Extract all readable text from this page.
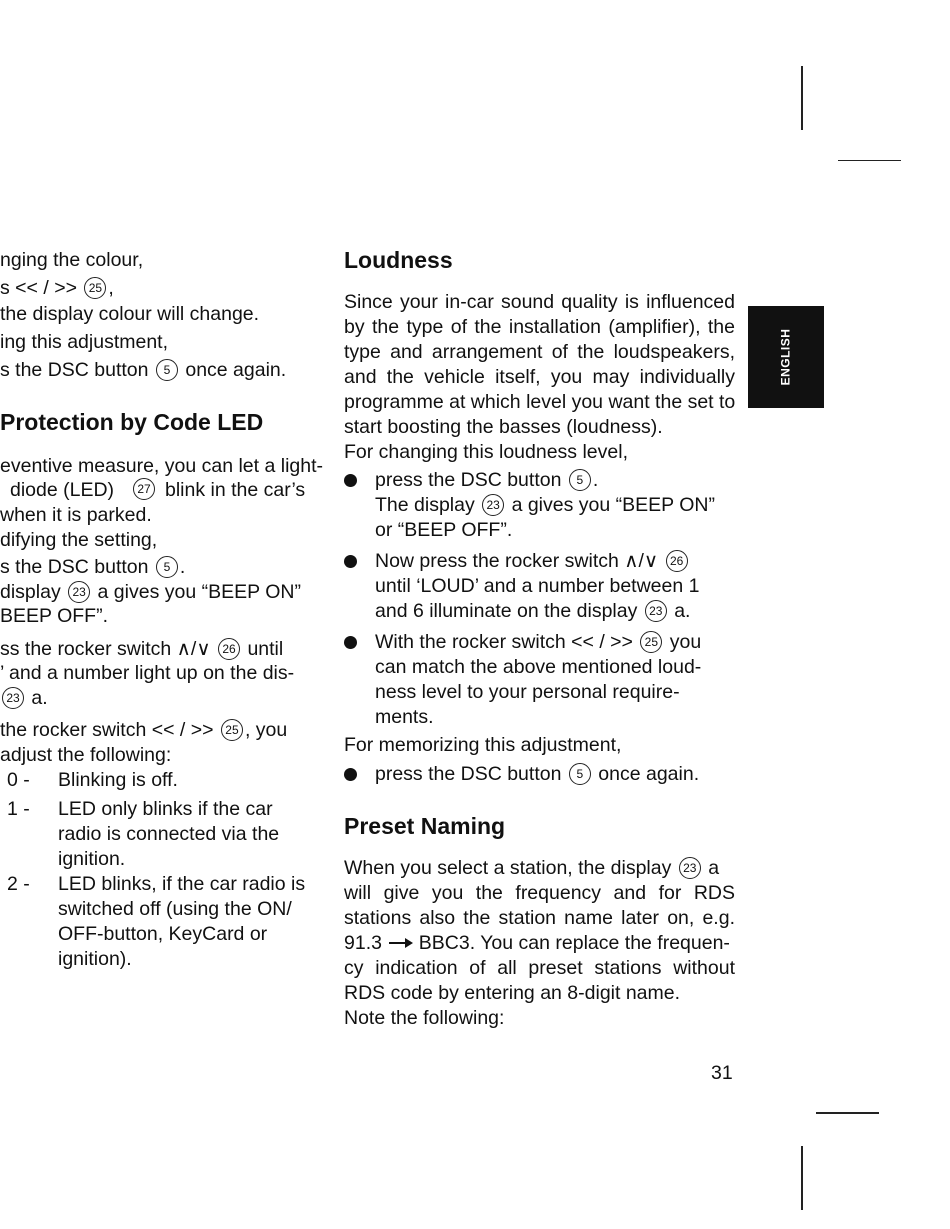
ENGLISH
nging the colour,
s << / >> 25 ,
the display colour will change.
ing this adjustment,
s the DSC button 5 once again.
Protection by Code LED
eventive measure, you can let a light-
diode (LED)	27 blink in the car’s
when it is parked.
difying the setting,
s the DSC button 5 .
display 23 a gives you “BEEP ON”
BEEP OFF”.
ss the rocker switch ∧/∨ 26 until
’ and a number light up on the dis-
23 a.
the rocker switch << / >> 25 , you
adjust the following:
0 - Blinking is off.
1 - LED only blinks if the car
radio is connected via the
ignition.
2 - LED blinks, if the car radio is
switched off (using the ON/
OFF-button, KeyCard or
ignition).
Loudness
Since your in-car sound quality is influenced
by the type of the installation (amplifier), the
type and arrangement of the loudspeakers,
and the vehicle itself, you may individually
programme at which level you want the set to
start boosting the basses (loudness).
For changing this loudness level,
press the DSC button 5 .
The display 23 a gives you “BEEP ON”
or “BEEP OFF”.
Now press the rocker switch ∧/∨ 26
until ‘LOUD’ and a number between 1
and 6 illuminate on the display 23 a.
With the rocker switch << / >> 25 you
can match the above mentioned loud-
ness level to your personal require-
ments.
For memorizing this adjustment,
press the DSC button 5 once again.
Preset Naming
When you select a station, the display 23 a
will give you the frequency and for RDS
stations also the station name later on, e.g.
91.3 BBC3. You can replace the frequen-
cy indication of all preset stations without
RDS code by entering an 8-digit name.
Note the following:
31
